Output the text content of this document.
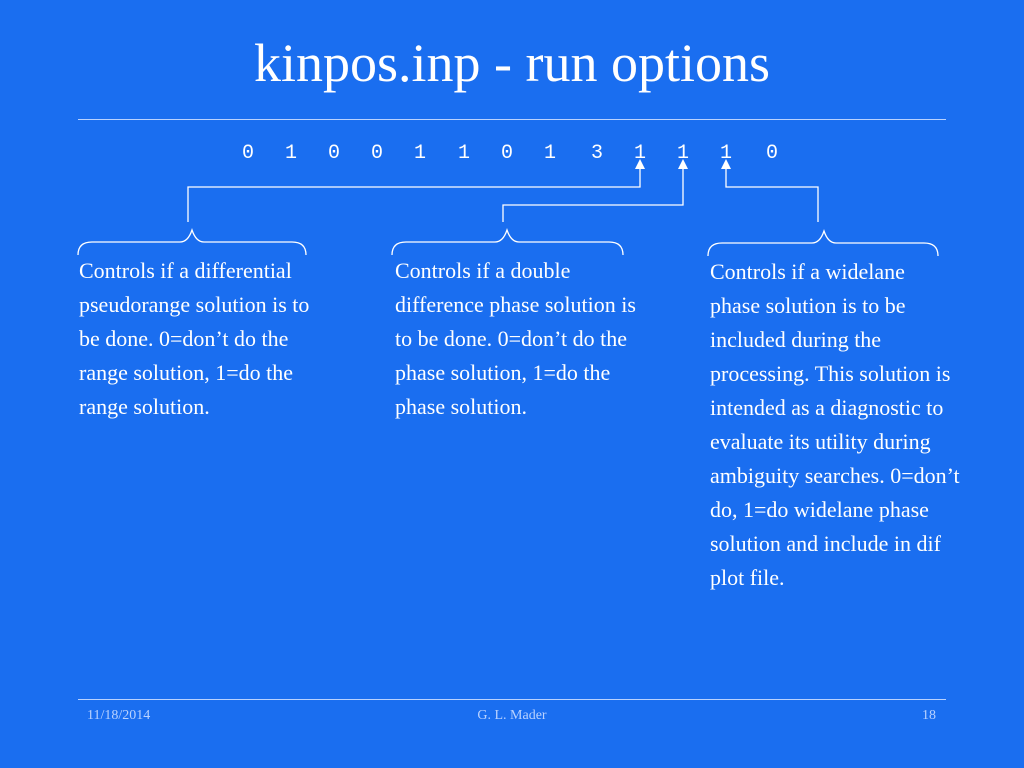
kinpos.inp - run options
0 1 0 0 1 1 0 1 3 1 1 1 0
Controls if a differential pseudorange solution is to be done. 0=don’t do the range solution, 1=do the range solution.
Controls if a double difference phase solution is to be done. 0=don’t do the phase solution, 1=do the phase solution.
Controls if a widelane phase solution is to be included during the processing. This solution is intended as a diagnostic to evaluate its utility during ambiguity searches. 0=don’t do, 1=do widelane phase solution and include in dif plot file.
11/18/2014	G. L. Mader	18
